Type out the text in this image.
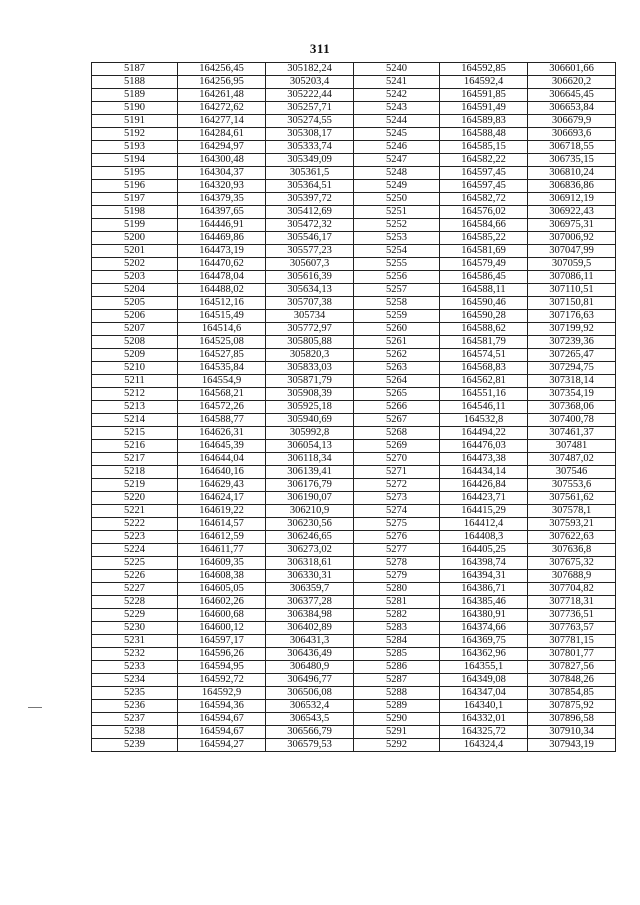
311
5187	164256,45	305182,24	5240	164592,85	306601,66
5188	164256,95	305203,4	5241	164592,4	306620,2
5189	164261,48	305222,44	5242	164591,85	306645,45
5190	164272,62	305257,71	5243	164591,49	306653,84
5191	164277,14	305274,55	5244	164589,83	306679,9
5192	164284,61	305308,17	5245	164588,48	306693,6
5193	164294,97	305333,74	5246	164585,15	306718,55
5194	164300,48	305349,09	5247	164582,22	306735,15
5195	164304,37	305361,5	5248	164597,45	306810,24
5196	164320,93	305364,51	5249	164597,45	306836,86
5197	164379,35	305397,72	5250	164582,72	306912,19
5198	164397,65	305412,69	5251	164576,02	306922,43
5199	164446,91	305472,32	5252	164584,66	306975,31
5200	164469,86	305546,17	5253	164585,22	307006,92
5201	164473,19	305577,23	5254	164581,69	307047,99
5202	164470,62	305607,3	5255	164579,49	307059,5
5203	164478,04	305616,39	5256	164586,45	307086,11
5204	164488,02	305634,13	5257	164588,11	307110,51
5205	164512,16	305707,38	5258	164590,46	307150,81
5206	164515,49	305734	5259	164590,28	307176,63
5207	164514,6	305772,97	5260	164588,62	307199,92
5208	164525,08	305805,88	5261	164581,79	307239,36
5209	164527,85	305820,3	5262	164574,51	307265,47
5210	164535,84	305833,03	5263	164568,83	307294,75
5211	164554,9	305871,79	5264	164562,81	307318,14
5212	164568,21	305908,39	5265	164551,16	307354,19
5213	164572,26	305925,18	5266	164546,11	307368,06
5214	164588,77	305940,69	5267	164532,8	307400,78
5215	164626,31	305992,8	5268	164494,22	307461,37
5216	164645,39	306054,13	5269	164476,03	307481
5217	164644,04	306118,34	5270	164473,38	307487,02
5218	164640,16	306139,41	5271	164434,14	307546
5219	164629,43	306176,79	5272	164426,84	307553,6
5220	164624,17	306190,07	5273	164423,71	307561,62
5221	164619,22	306210,9	5274	164415,29	307578,1
5222	164614,57	306230,56	5275	164412,4	307593,21
5223	164612,59	306246,65	5276	164408,3	307622,63
5224	164611,77	306273,02	5277	164405,25	307636,8
5225	164609,35	306318,61	5278	164398,74	307675,32
5226	164608,38	306330,31	5279	164394,31	307688,9
5227	164605,05	306359,7	5280	164386,71	307704,82
5228	164602,26	306377,28	5281	164385,46	307718,31
5229	164600,68	306384,98	5282	164380,91	307736,51
5230	164600,12	306402,89	5283	164374,66	307763,57
5231	164597,17	306431,3	5284	164369,75	307781,15
5232	164596,26	306436,49	5285	164362,96	307801,77
5233	164594,95	306480,9	5286	164355,1	307827,56
5234	164592,72	306496,77	5287	164349,08	307848,26
5235	164592,9	306506,08	5288	164347,04	307854,85
5236	164594,36	306532,4	5289	164340,1	307875,92
5237	164594,67	306543,5	5290	164332,01	307896,58
5238	164594,67	306566,79	5291	164325,72	307910,34
5239	164594,27	306579,53	5292	164324,4	307943,19
